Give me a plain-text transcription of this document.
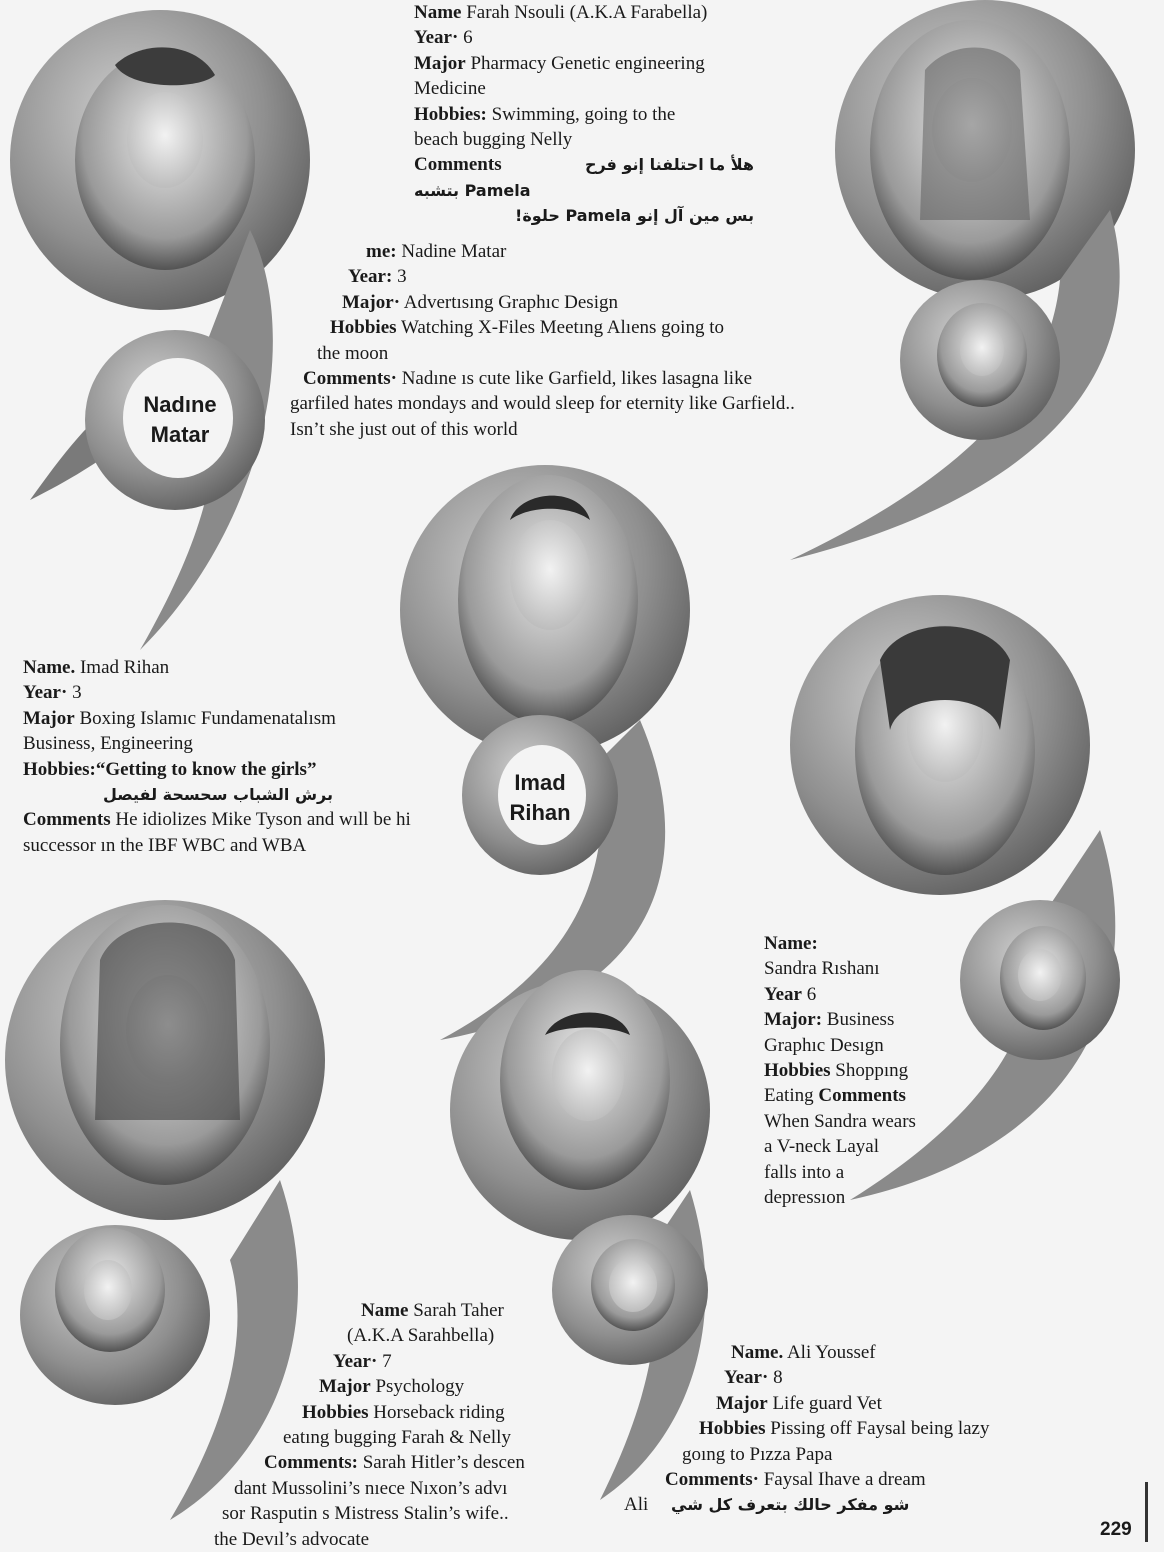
Name Farah Nsouli (A.K.A Farabella)
Year· 6
Major Pharmacy Genetic engineering
Medicine
Hobbies: Swimming, going to the
beach bugging Nelly
Comments	هلأ ما احتلفنا إنو فرح
Pamela بتشبه
بس مين آل إنو Pamela حلوة!
Nadıne
Matar
me: Nadine Matar
Year: 3
Major· Advertısıng Graphıc Design
Hobbies Watching X-Files Meetıng Alıens going to
the moon
Comments· Nadıne ıs cute like Garfield, likes lasagna like
garfiled hates mondays and would sleep for eternity like Garfield..
Isn’t she just out of this world
Imad
Rihan
Name. Imad Rihan
Year· 3
Major Boxing Islamıc Fundamenatalısm
Business, Engineering
Hobbies:“Getting to know the girls”
برش الشباب سحسحة لفيصل
Comments He idiolizes Mike Tyson and wıll be hi
successor ın the IBF WBC and WBA
Name:
Sandra Rıshanı
Year 6
Major: Business
Graphıc Desıgn
Hobbies Shoppıng
Eating Comments
When Sandra wears
a V-neck Layal
falls into a
depressıon
Name Sarah Taher
(A.K.A Sarahbella)
Year· 7
Major Psychology
Hobbies Horseback riding
eatıng bugging Farah & Nelly
Comments: Sarah Hitler’s descen
dant Mussolini’s nıece Nıxon’s advı
sor Rasputin s Mistress Stalin’s wife..
the Devıl’s advocate
Name. Ali Youssef
Year· 8
Major Life guard Vet
Hobbies Pissing off Faysal being lazy
goıng to Pızza Papa
Comments· Faysal Ihave a dream
Ali شو مفكر حالك بتعرف كل شي
229
